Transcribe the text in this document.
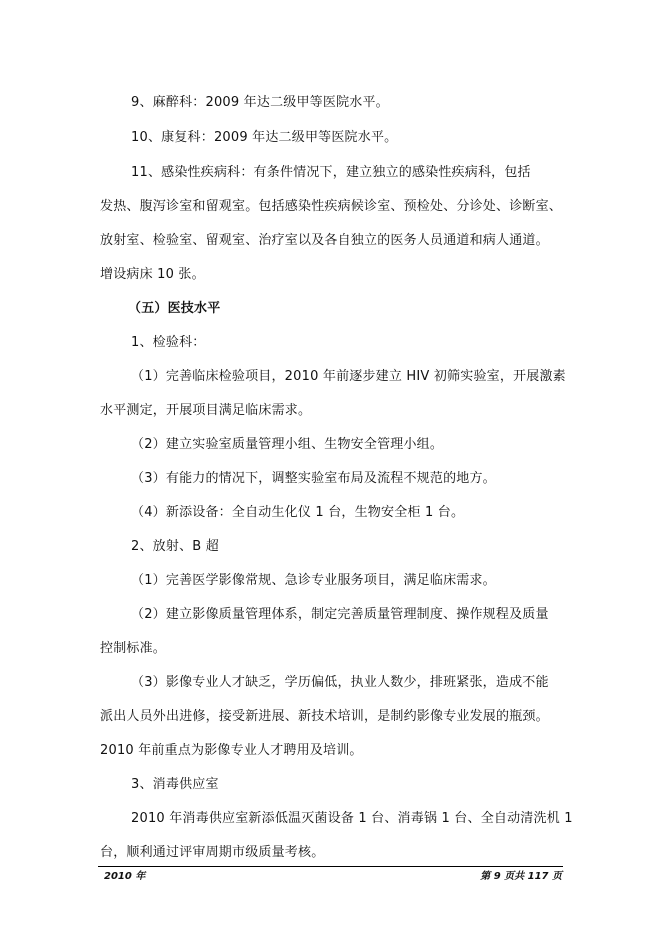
9、麻醉科：2009 年达二级甲等医院水平。
10、康复科：2009 年达二级甲等医院水平。
11、感染性疾病科：有条件情况下，建立独立的感染性疾病科，包括
发热、腹泻诊室和留观室。包括感染性疾病候诊室、预检处、分诊处、诊断室、
放射室、检验室、留观室、治疗室以及各自独立的医务人员通道和病人通道。
增设病床 10 张。
（五）医技水平
1、检验科：
（1）完善临床检验项目，2010 年前逐步建立 HIV 初筛实验室，开展激素
水平测定，开展项目满足临床需求。
（2）建立实验室质量管理小组、生物安全管理小组。
（3）有能力的情况下，调整实验室布局及流程不规范的地方。
（4）新添设备：全自动生化仪 1 台，生物安全柜 1 台。
2、放射、B 超
（1）完善医学影像常规、急诊专业服务项目，满足临床需求。
（2）建立影像质量管理体系，制定完善质量管理制度、操作规程及质量
控制标准。
（3）影像专业人才缺乏，学历偏低，执业人数少，排班紧张，造成不能
派出人员外出进修，接受新进展、新技术培训，是制约影像专业发展的瓶颈。
2010 年前重点为影像专业人才聘用及培训。
3、消毒供应室
2010 年消毒供应室新添低温灭菌设备 1 台、消毒锅 1 台、全自动清洗机 1
台，顺利通过评审周期市级质量考核。
2010 年	第 9 页共 117 页
